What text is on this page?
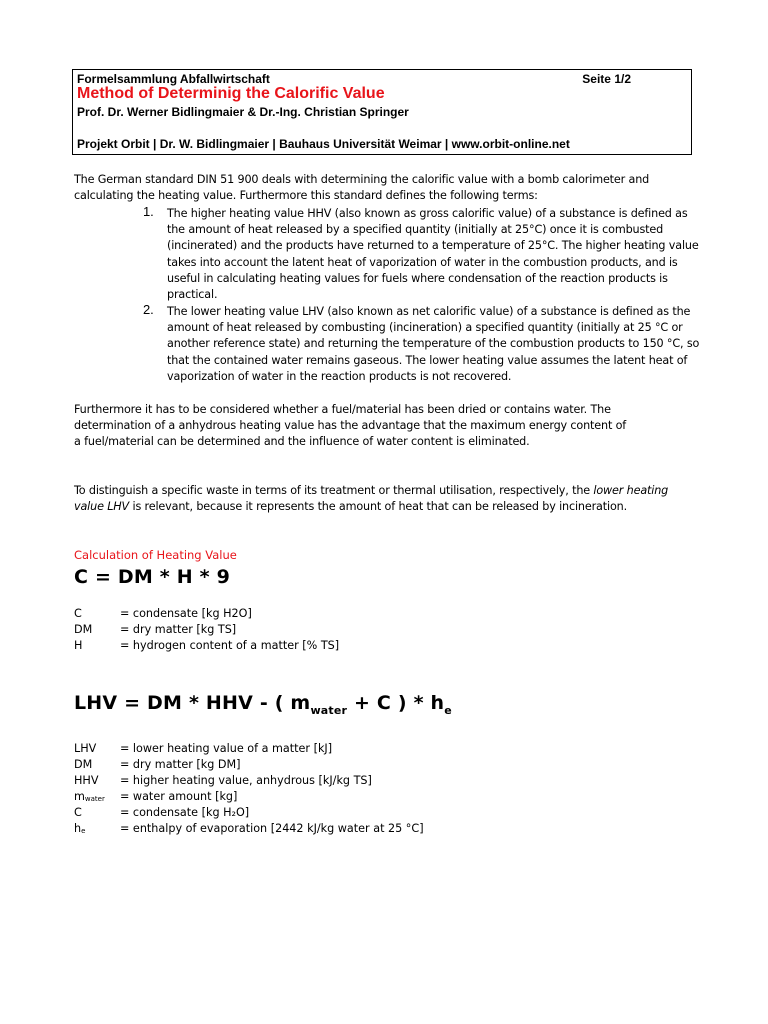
Formelsammlung Abfallwirtschaft	Seite 1/2
Method of Determinig the Calorific Value
Prof. Dr. Werner Bidlingmaier & Dr.-Ing. Christian Springer
Projekt Orbit | Dr. W. Bidlingmaier | Bauhaus Universität Weimar | www.orbit-online.net

The German standard DIN 51 900 deals with determining the calorific value with a bomb calorimeter and calculating the heating value. Furthermore this standard defines the following terms:

1. The higher heating value HHV (also known as gross calorific value) of a substance is defined as the amount of heat released by a specified quantity (initially at 25°C) once it is combusted (incinerated) and the products have returned to a temperature of 25°C. The higher heating value takes into account the latent heat of vaporization of water in the combustion products, and is useful in calculating heating values for fuels where condensation of the reaction products is practical.
2. The lower heating value LHV (also known as net calorific value) of a substance is defined as the amount of heat released by combusting (incineration) a specified quantity (initially at 25 °C or another reference state) and returning the temperature of the combustion products to 150 °C, so that the contained water remains gaseous. The lower heating value assumes the latent heat of vaporization of water in the reaction products is not recovered.

Furthermore it has to be considered whether a fuel/material has been dried or contains water. The determination of a anhydrous heating value has the advantage that the maximum energy content of a fuel/material can be determined and the influence of water content is eliminated.

To distinguish a specific waste in terms of its treatment or thermal utilisation, respectively, the lower heating value LHV is relevant, because it represents the amount of heat that can be released by incineration.

Calculation of Heating Value
C = DM * H * 9
C	= condensate [kg H2O]
DM = dry matter [kg TS]
H	= hydrogen content of a matter [% TS]
LHV = DM * HHV - ( $m_{water} + C$ ) * $h_e$
LHV = lower heating value of a matter [kJ]
DM = dry matter [kg DM]
HHV = higher heating value, anhydrous [kJ/kg TS]
mwater = water amount [kg]
C	= condensate [kg H₂O]
he	= enthalpy of evaporation [2442 kJ/kg water at 25 °C]
